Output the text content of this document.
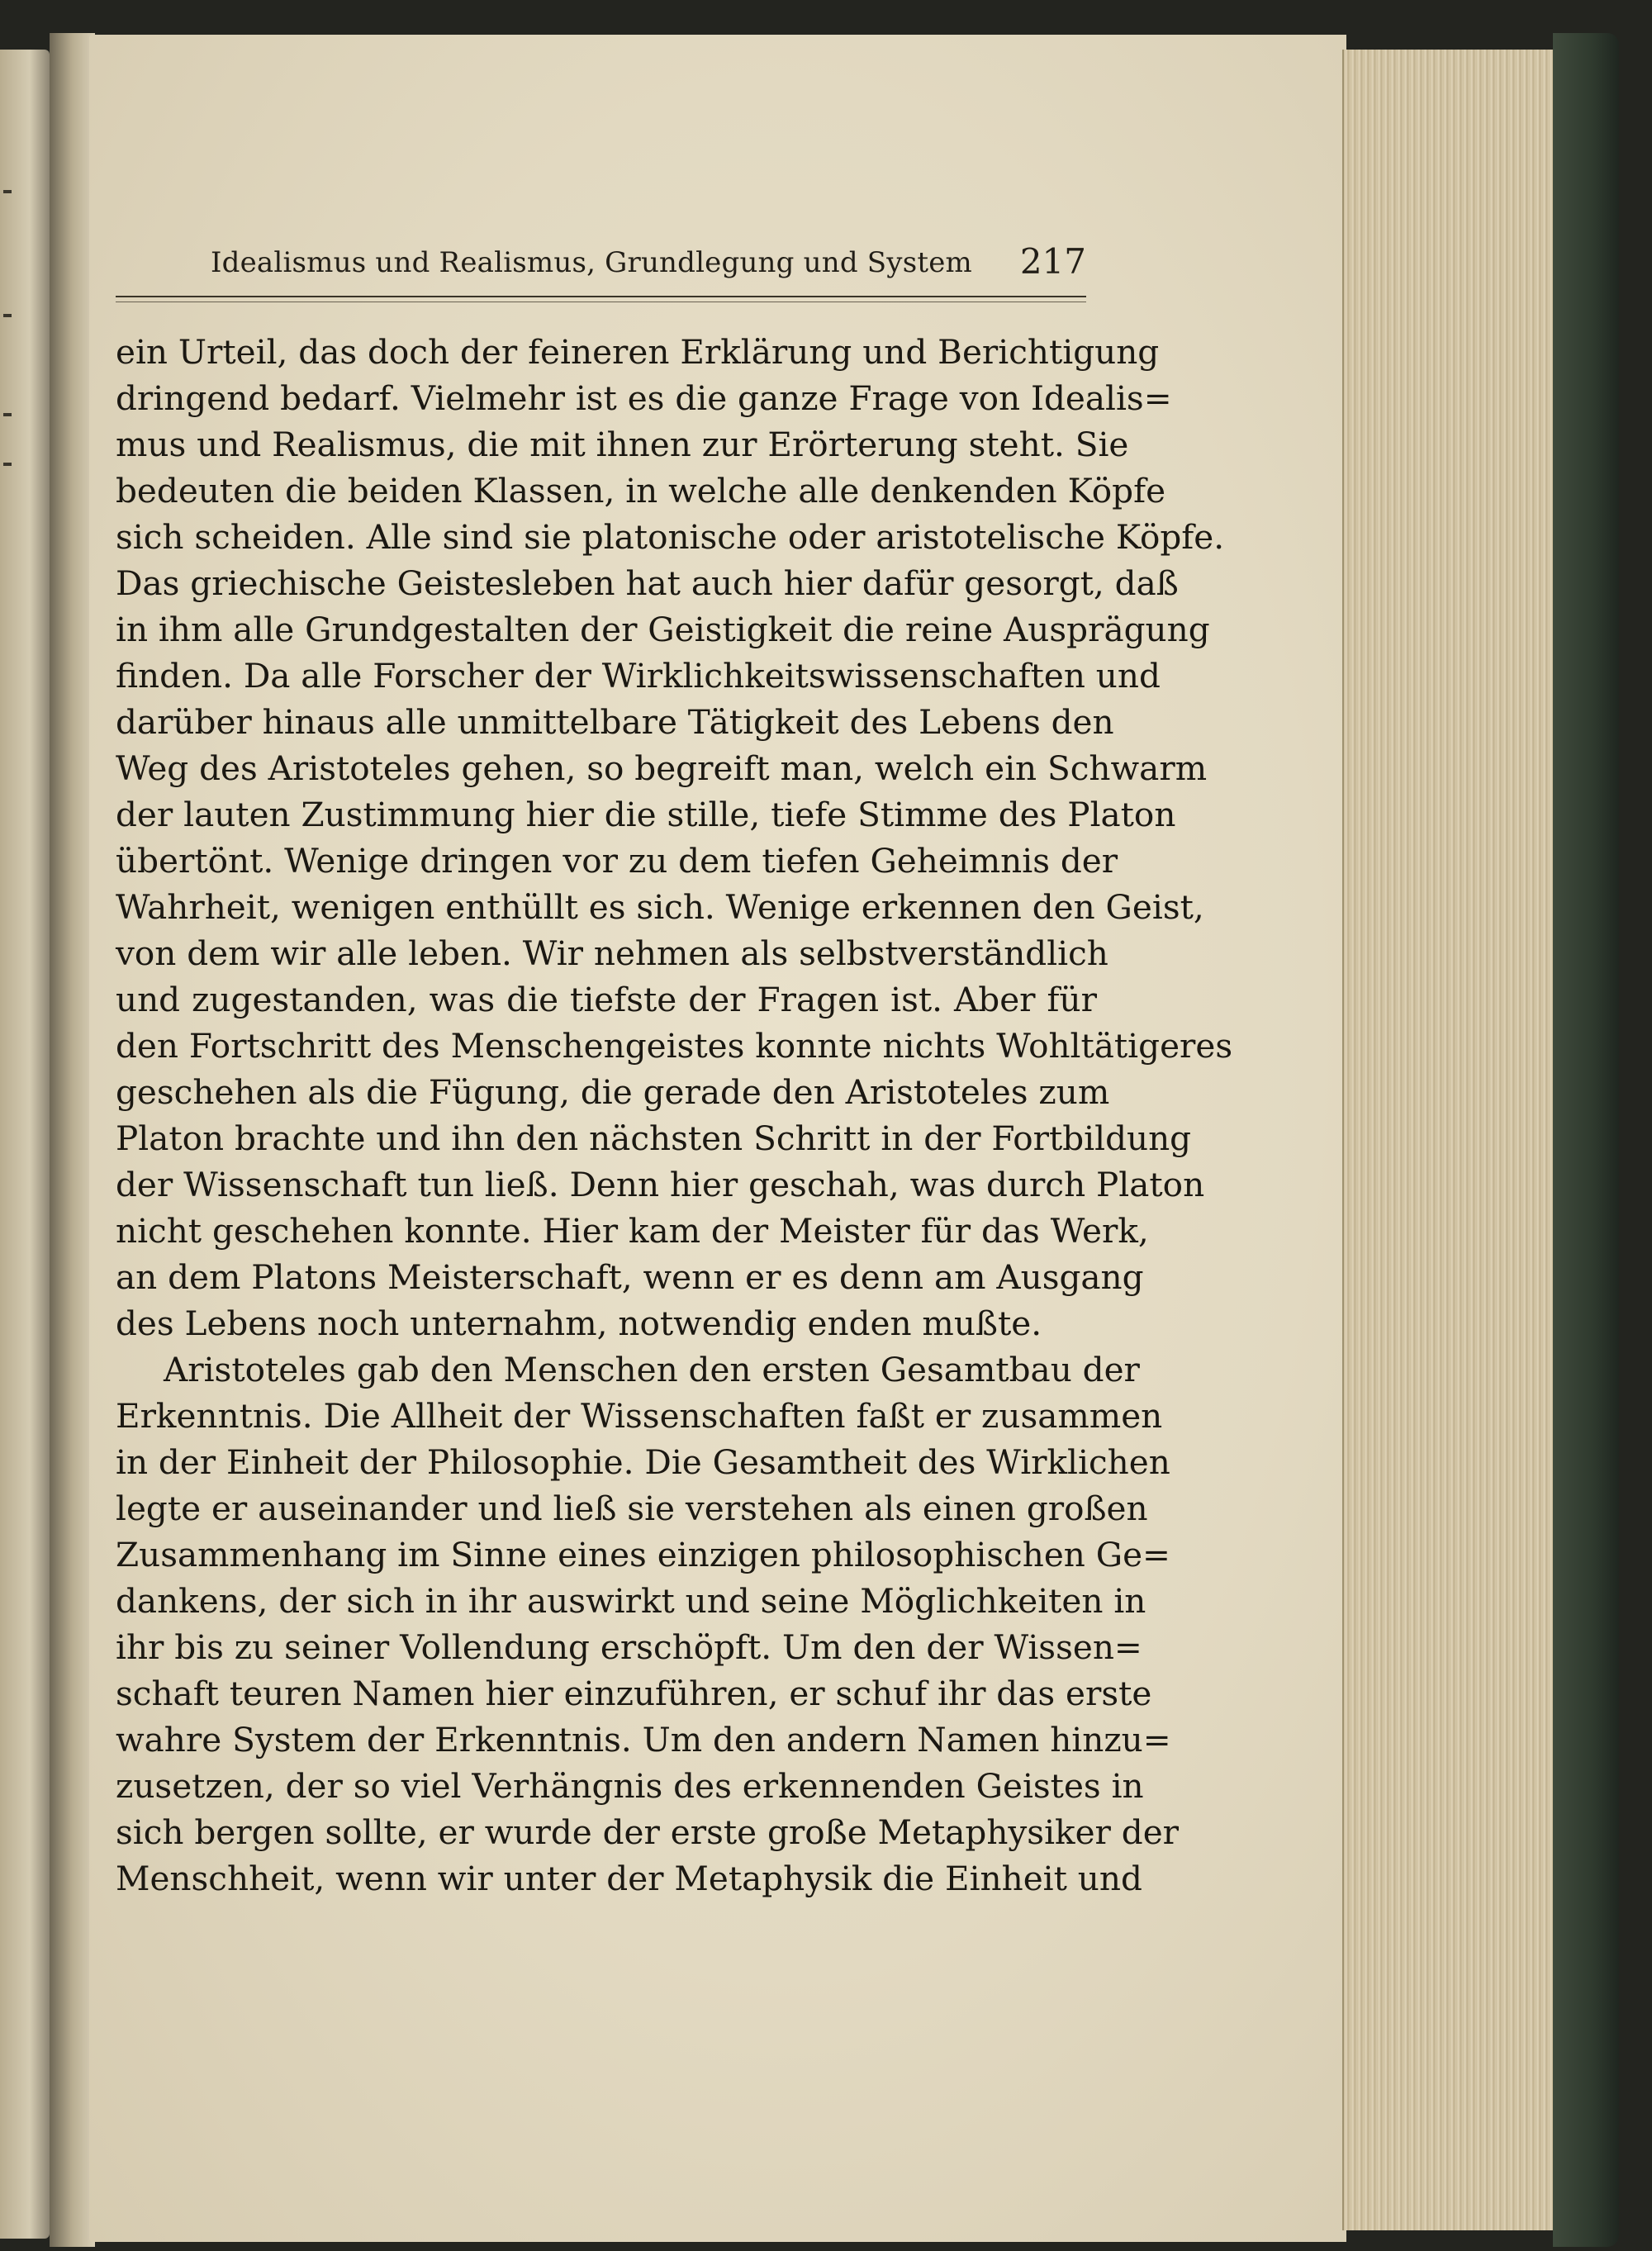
Idealismus und Realismus, Grundlegung und System 217
ein Urteil, das doch der feineren Erklärung und Berichtigung
dringend bedarf. Vielmehr ist es die ganze Frage von Idealis=
mus und Realismus, die mit ihnen zur Erörterung steht. Sie
bedeuten die beiden Klassen, in welche alle denkenden Köpfe
sich scheiden. Alle sind sie platonische oder aristotelische Köpfe.
Das griechische Geistesleben hat auch hier dafür gesorgt, daß
in ihm alle Grundgestalten der Geistigkeit die reine Ausprägung
finden. Da alle Forscher der Wirklichkeitswissenschaften und
darüber hinaus alle unmittelbare Tätigkeit des Lebens den
Weg des Aristoteles gehen, so begreift man, welch ein Schwarm
der lauten Zustimmung hier die stille, tiefe Stimme des Platon
übertönt. Wenige dringen vor zu dem tiefen Geheimnis der
Wahrheit, wenigen enthüllt es sich. Wenige erkennen den Geist,
von dem wir alle leben. Wir nehmen als selbstverständlich
und zugestanden, was die tiefste der Fragen ist. Aber für
den Fortschritt des Menschengeistes konnte nichts Wohltätigeres
geschehen als die Fügung, die gerade den Aristoteles zum
Platon brachte und ihn den nächsten Schritt in der Fortbildung
der Wissenschaft tun ließ. Denn hier geschah, was durch Platon
nicht geschehen konnte. Hier kam der Meister für das Werk,
an dem Platons Meisterschaft, wenn er es denn am Ausgang
des Lebens noch unternahm, notwendig enden mußte.
Aristoteles gab den Menschen den ersten Gesamtbau der
Erkenntnis. Die Allheit der Wissenschaften faßt er zusammen
in der Einheit der Philosophie. Die Gesamtheit des Wirklichen
legte er auseinander und ließ sie verstehen als einen großen
Zusammenhang im Sinne eines einzigen philosophischen Ge=
dankens, der sich in ihr auswirkt und seine Möglichkeiten in
ihr bis zu seiner Vollendung erschöpft. Um den der Wissen=
schaft teuren Namen hier einzuführen, er schuf ihr das erste
wahre System der Erkenntnis. Um den andern Namen hinzu=
zusetzen, der so viel Verhängnis des erkennenden Geistes in
sich bergen sollte, er wurde der erste große Metaphysiker der
Menschheit, wenn wir unter der Metaphysik die Einheit und
